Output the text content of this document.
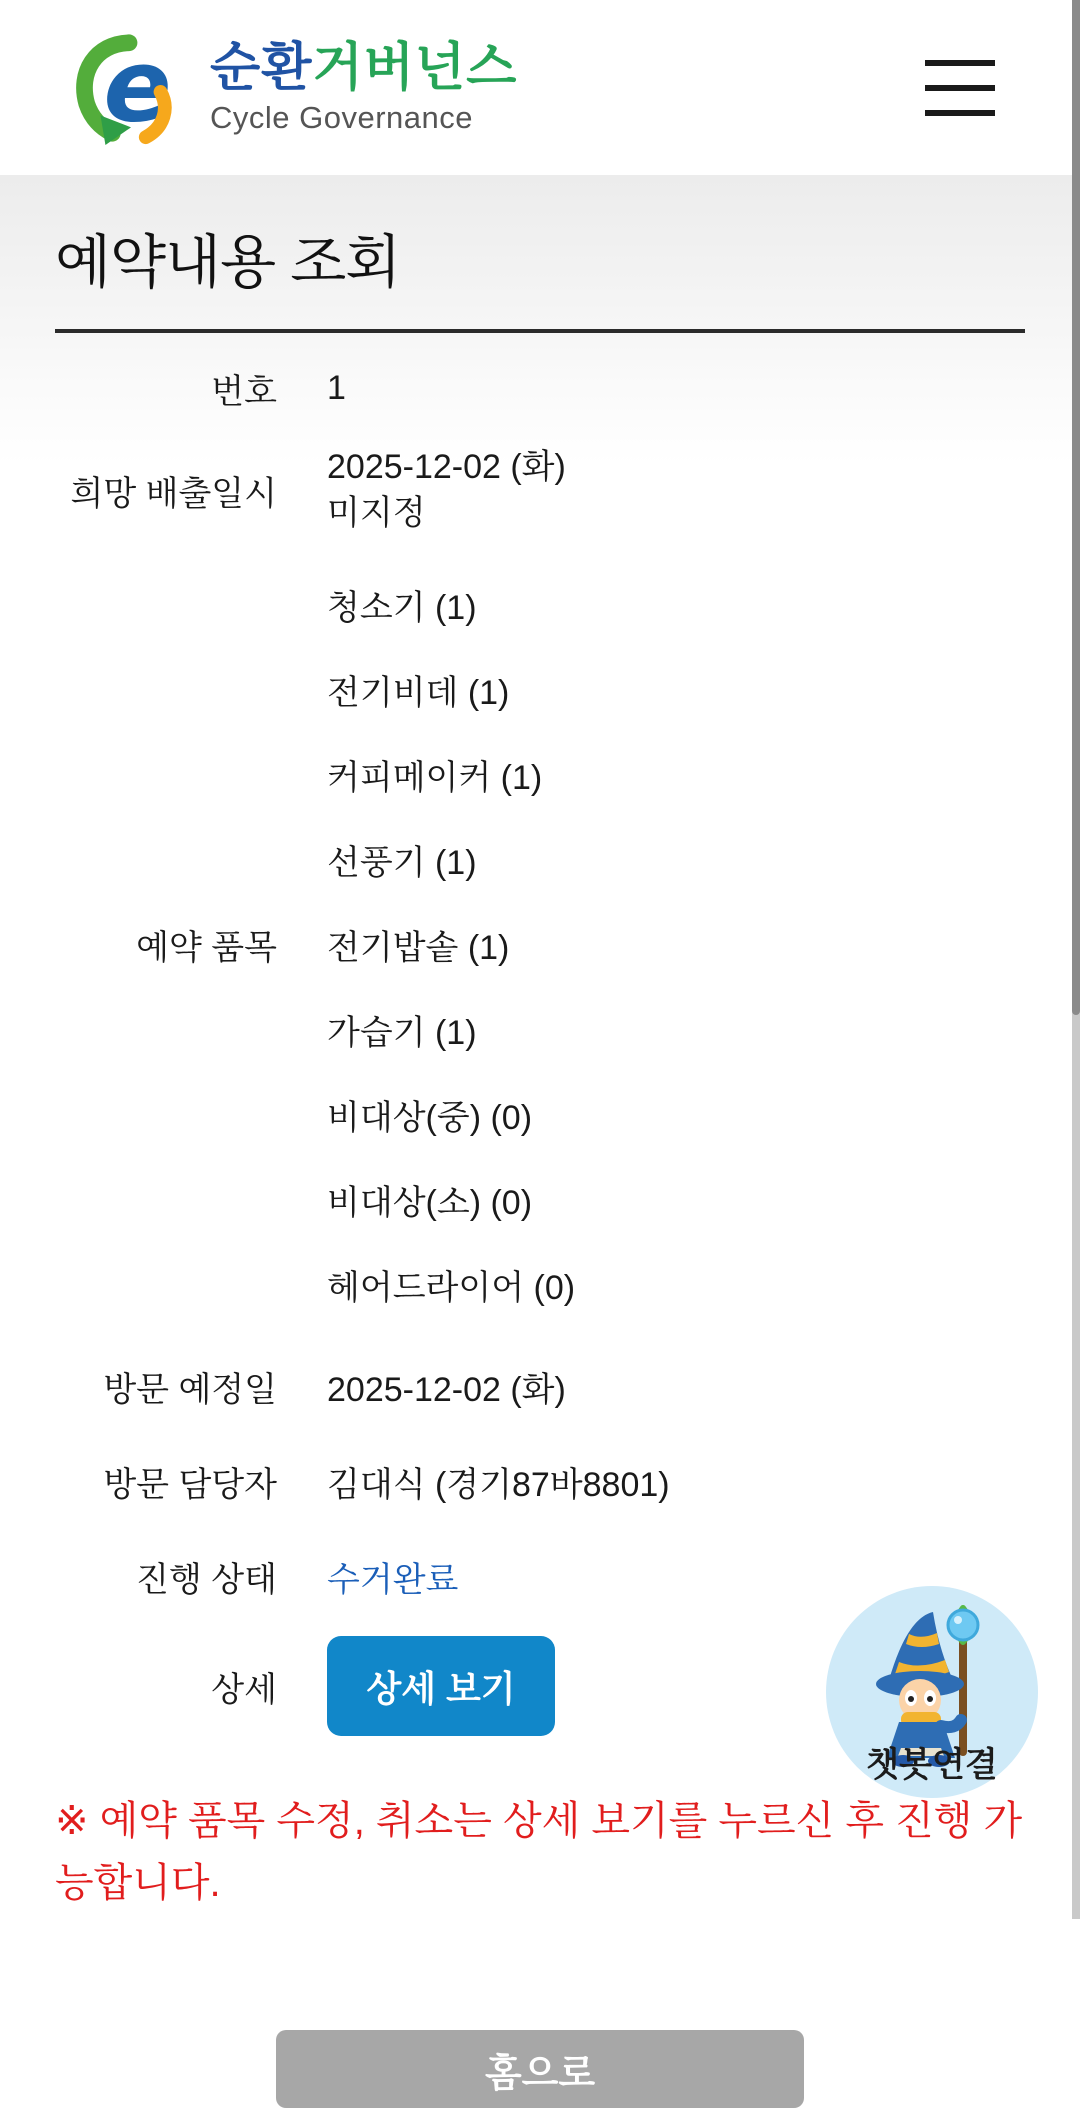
e 순환거버넌스
Cycle Governance
예약내용 조회
번호 1
희망 배출일시
2025-12-02 (화)
미지정
예약 품목
청소기 (1)
전기비데 (1)
커피메이커 (1)
선풍기 (1)
전기밥솥 (1)
가습기 (1)
비대상(중) (0)
비대상(소) (0)
헤어드라이어 (0)
방문 예정일 2025-12-02 (화)
방문 담당자 김대식 (경기87바8801)
진행 상태 수거완료
상세	상세 보기

※ 예약 품목 수정, 취소는 상세 보기를 누르신 후 진행 가능합니다.

홈으로
챗봇연결
